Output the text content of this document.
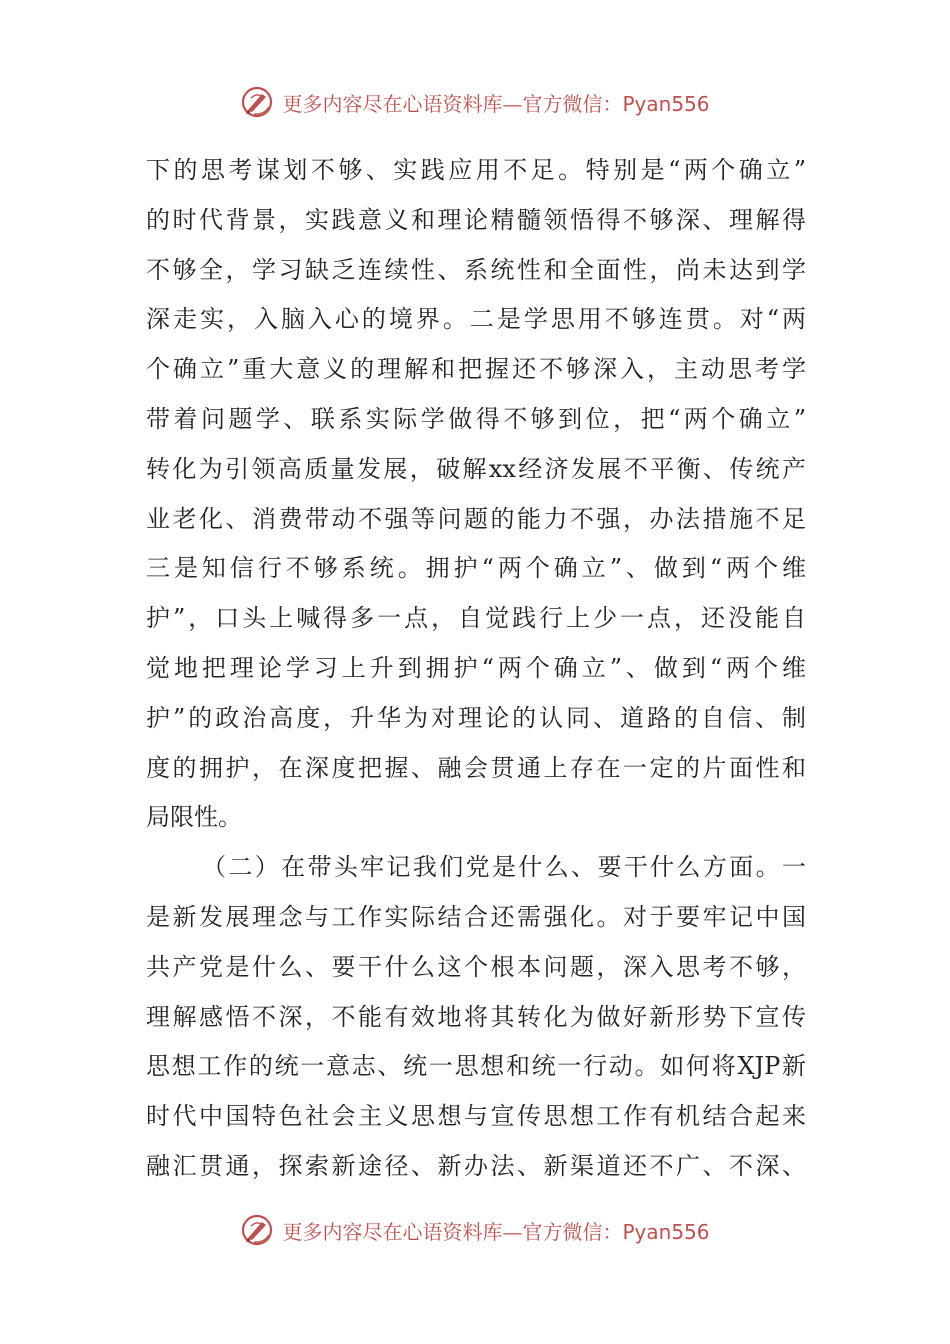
更多内容尽在心语资料库—官方微信：Pyan556
下的思考谋划不够、实践应用不足。特别是“两个确立”
的时代背景，实践意义和理论精髓领悟得不够深、理解得
不够全，学习缺乏连续性、系统性和全面性，尚未达到学
深走实，入脑入心的境界。二是学思用不够连贯。对“两
个确立”重大意义的理解和把握还不够深入，主动思考学
带着问题学、联系实际学做得不够到位，把“两个确立”
转化为引领高质量发展，破解xx经济发展不平衡、传统产
业老化、消费带动不强等问题的能力不强，办法措施不足
三是知信行不够系统。拥护“两个确立”、做到“两个维
护”，口头上喊得多一点，自觉践行上少一点，还没能自
觉地把理论学习上升到拥护“两个确立”、做到“两个维
护”的政治高度，升华为对理论的认同、道路的自信、制
度的拥护，在深度把握、融会贯通上存在一定的片面性和
局限性。
（二）在带头牢记我们党是什么、要干什么方面。一
是新发展理念与工作实际结合还需强化。对于要牢记中国
共产党是什么、要干什么这个根本问题，深入思考不够，
理解感悟不深，不能有效地将其转化为做好新形势下宣传
思想工作的统一意志、统一思想和统一行动。如何将XJP新
时代中国特色社会主义思想与宣传思想工作有机结合起来
融汇贯通，探索新途径、新办法、新渠道还不广、不深、
更多内容尽在心语资料库—官方微信：Pyan556
